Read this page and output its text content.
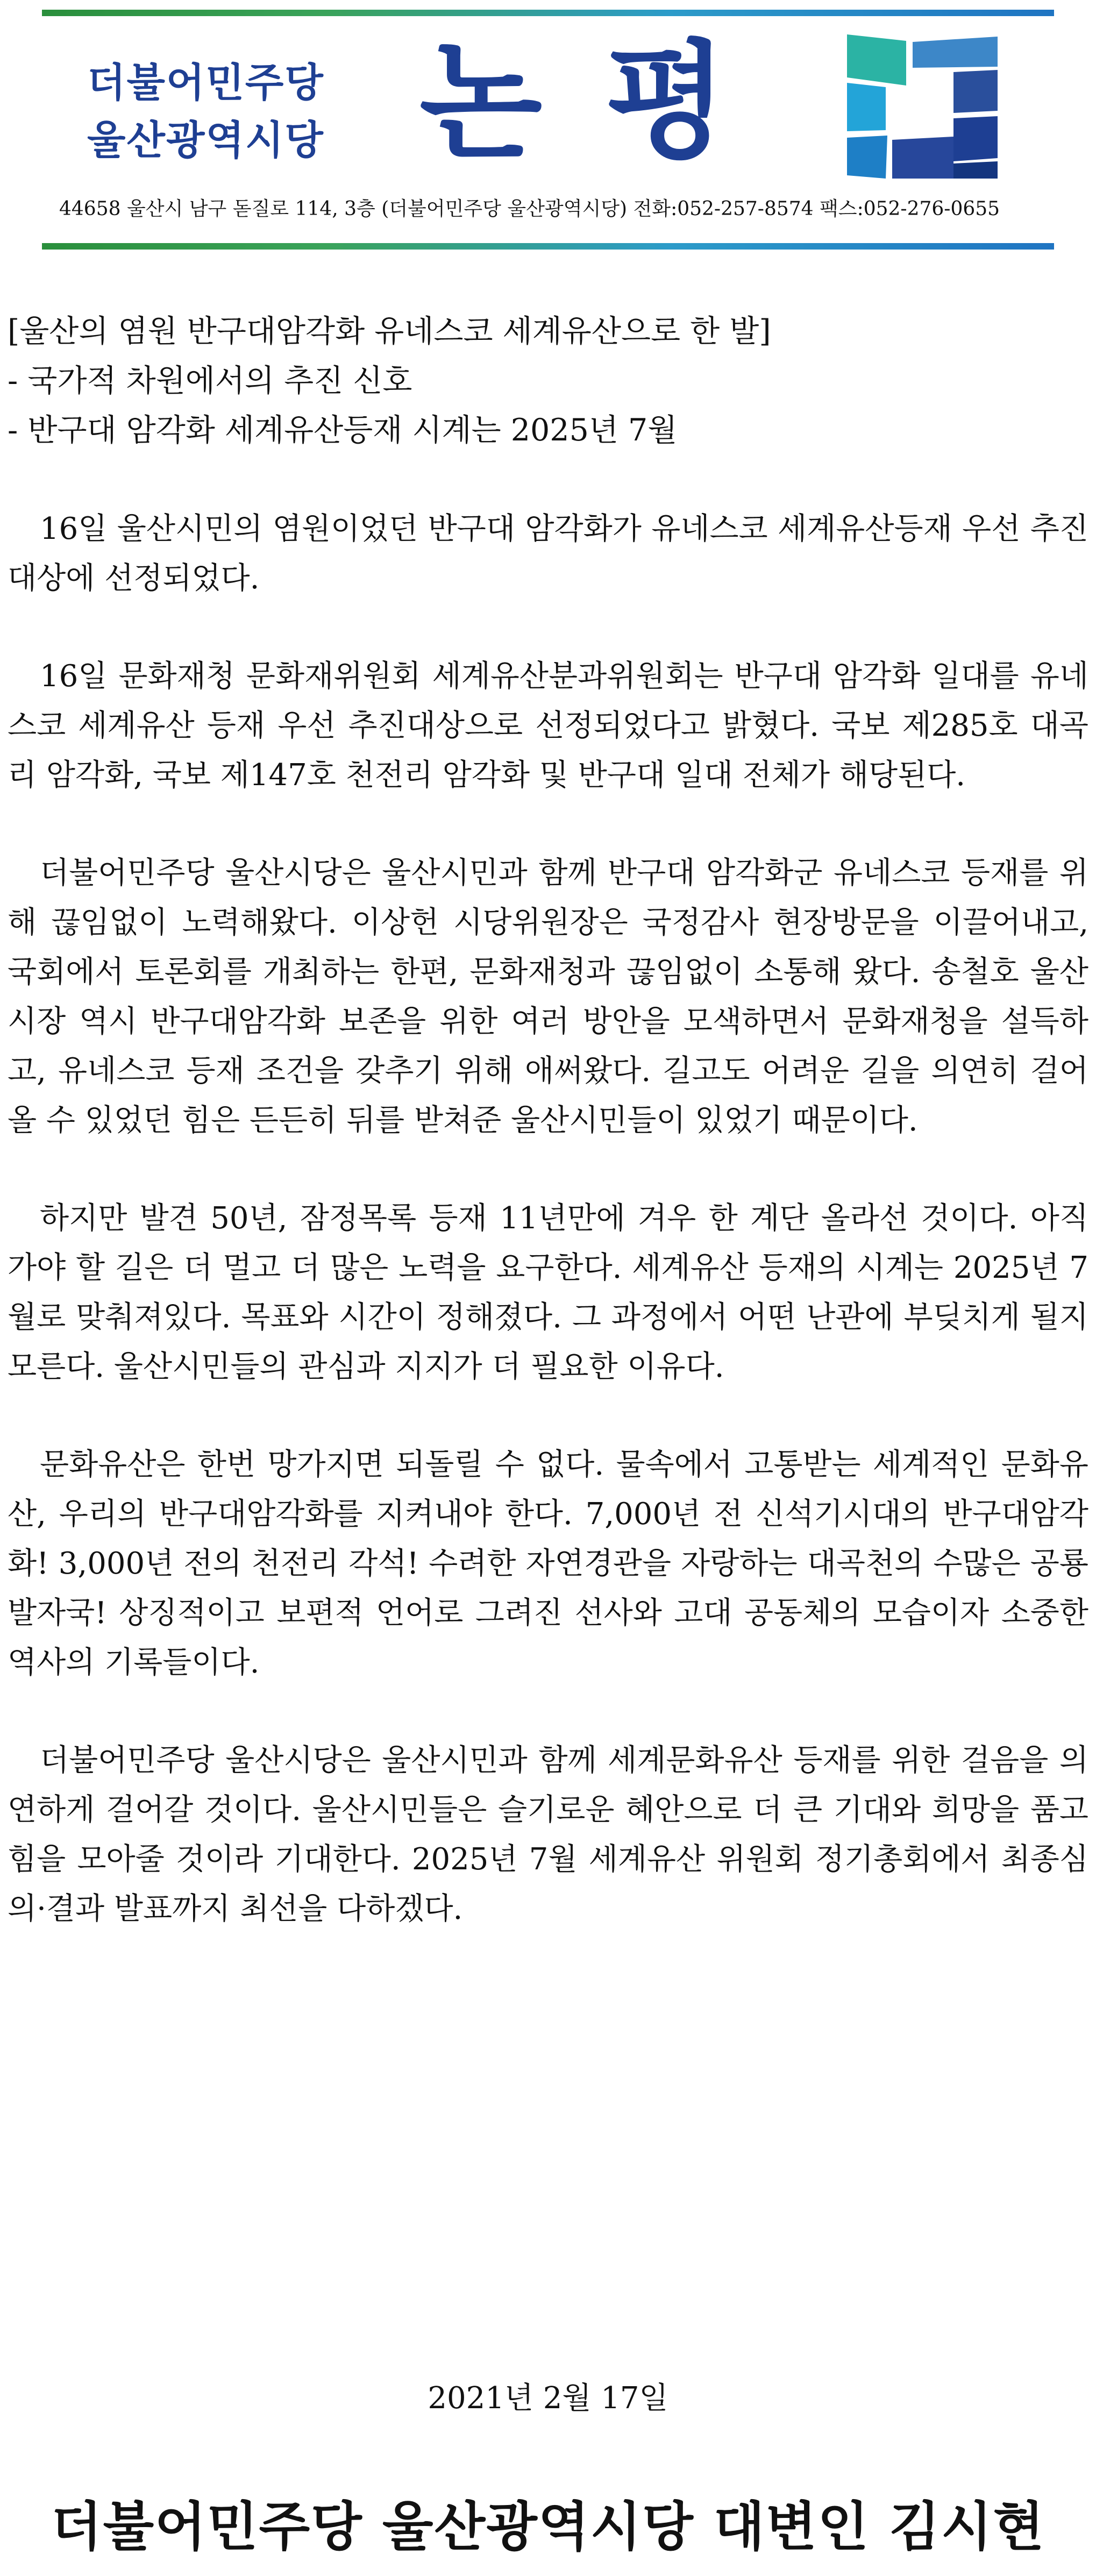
더불어민주당
울산광역시당 논 평
44658 울산시 남구 돋질로 114, 3층 (더불어민주당 울산광역시당) 전화:052-257-8574 팩스:052-276-0655

[울산의 염원 반구대암각화 유네스코 세계유산으로 한 발]

- 국가적 차원에서의 추진 신호

- 반구대 암각화 세계유산등재 시계는 2025년 7월

16일 울산시민의 염원이었던 반구대 암각화가 유네스코 세계유산등재 우선 추진대상에 선정되었다.

16일 문화재청 문화재위원회 세계유산분과위원회는 반구대 암각화 일대를 유네스코 세계유산 등재 우선 추진대상으로 선정되었다고 밝혔다. 국보 제285호 대곡리 암각화, 국보 제147호 천전리 암각화 및 반구대 일대 전체가 해당된다.

더불어민주당 울산시당은 울산시민과 함께 반구대 암각화군 유네스코 등재를 위해 끊임없이 노력해왔다. 이상헌 시당위원장은 국정감사 현장방문을 이끌어내고, 국회에서 토론회를 개최하는 한편, 문화재청과 끊임없이 소통해 왔다. 송철호 울산시장 역시 반구대암각화 보존을 위한 여러 방안을 모색하면서 문화재청을 설득하고, 유네스코 등재 조건을 갖추기 위해 애써왔다. 길고도 어려운 길을 의연히 걸어올 수 있었던 힘은 든든히 뒤를 받쳐준 울산시민들이 있었기 때문이다.

하지만 발견 50년, 잠정목록 등재 11년만에 겨우 한 계단 올라선 것이다. 아직 가야 할 길은 더 멀고 더 많은 노력을 요구한다. 세계유산 등재의 시계는 2025년 7월로 맞춰져있다. 목표와 시간이 정해졌다. 그 과정에서 어떤 난관에 부딪치게 될지 모른다. 울산시민들의 관심과 지지가 더 필요한 이유다.

문화유산은 한번 망가지면 되돌릴 수 없다. 물속에서 고통받는 세계적인 문화유산, 우리의 반구대암각화를 지켜내야 한다. 7,000년 전 신석기시대의 반구대암각화! 3,000년 전의 천전리 각석! 수려한 자연경관을 자랑하는 대곡천의 수많은 공룡 발자국! 상징적이고 보편적 언어로 그려진 선사와 고대 공동체의 모습이자 소중한 역사의 기록들이다.

더불어민주당 울산시당은 울산시민과 함께 세계문화유산 등재를 위한 걸음을 의연하게 걸어갈 것이다. 울산시민들은 슬기로운 혜안으로 더 큰 기대와 희망을 품고 힘을 모아줄 것이라 기대한다. 2025년 7월 세계유산 위원회 정기총회에서 최종심의·결과 발표까지 최선을 다하겠다.

2021년 2월 17일
더불어민주당 울산광역시당 대변인 김시현
